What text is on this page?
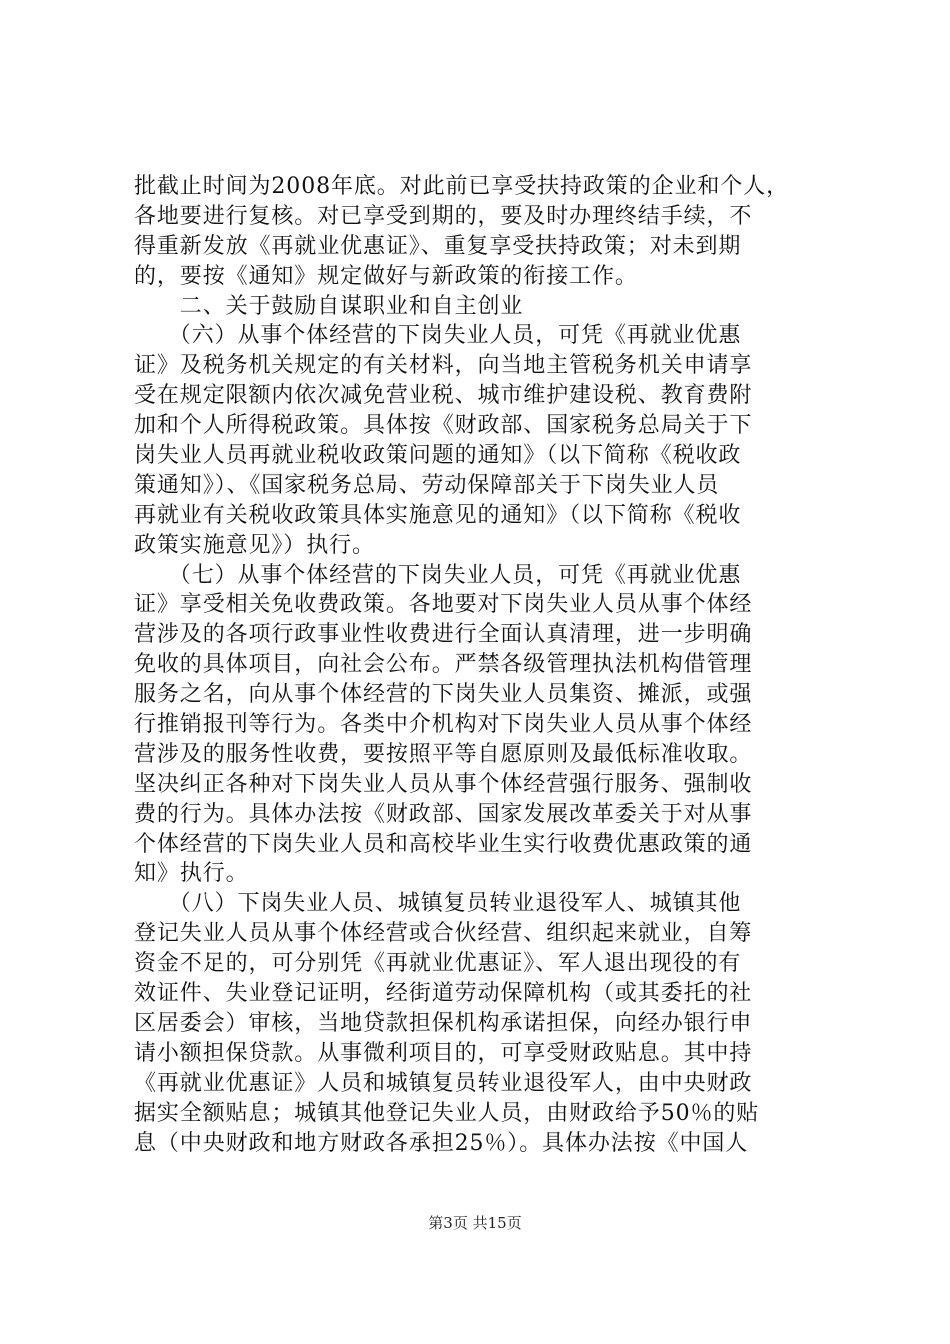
批截止时间为2008年底。对此前已享受扶持政策的企业和个人，
各地要进行复核。对已享受到期的，要及时办理终结手续，不
得重新发放《再就业优惠证》、重复享受扶持政策；对未到期
的，要按《通知》规定做好与新政策的衔接工作。
　　二、关于鼓励自谋职业和自主创业
　　（六）从事个体经营的下岗失业人员，可凭《再就业优惠
证》及税务机关规定的有关材料，向当地主管税务机关申请享
受在规定限额内依次减免营业税、城市维护建设税、教育费附
加和个人所得税政策。具体按《财政部、国家税务总局关于下
岗失业人员再就业税收政策问题的通知》（以下简称《税收政
策通知》）、《国家税务总局、劳动保障部关于下岗失业人员
再就业有关税收政策具体实施意见的通知》（以下简称《税收
政策实施意见》）执行。
　　（七）从事个体经营的下岗失业人员，可凭《再就业优惠
证》享受相关免收费政策。各地要对下岗失业人员从事个体经
营涉及的各项行政事业性收费进行全面认真清理，进一步明确
免收的具体项目，向社会公布。严禁各级管理执法机构借管理
服务之名，向从事个体经营的下岗失业人员集资、摊派，或强
行推销报刊等行为。各类中介机构对下岗失业人员从事个体经
营涉及的服务性收费，要按照平等自愿原则及最低标准收取。
坚决纠正各种对下岗失业人员从事个体经营强行服务、强制收
费的行为。具体办法按《财政部、国家发展改革委关于对从事
个体经营的下岗失业人员和高校毕业生实行收费优惠政策的通
知》执行。
　　（八）下岗失业人员、城镇复员转业退役军人、城镇其他
登记失业人员从事个体经营或合伙经营、组织起来就业，自筹
资金不足的，可分别凭《再就业优惠证》、军人退出现役的有
效证件、失业登记证明，经街道劳动保障机构（或其委托的社
区居委会）审核，当地贷款担保机构承诺担保，向经办银行申
请小额担保贷款。从事微利项目的，可享受财政贴息。其中持
《再就业优惠证》人员和城镇复员转业退役军人，由中央财政
据实全额贴息；城镇其他登记失业人员，由财政给予50％的贴
息（中央财政和地方财政各承担25％）。具体办法按《中国人
第3页 共15页
